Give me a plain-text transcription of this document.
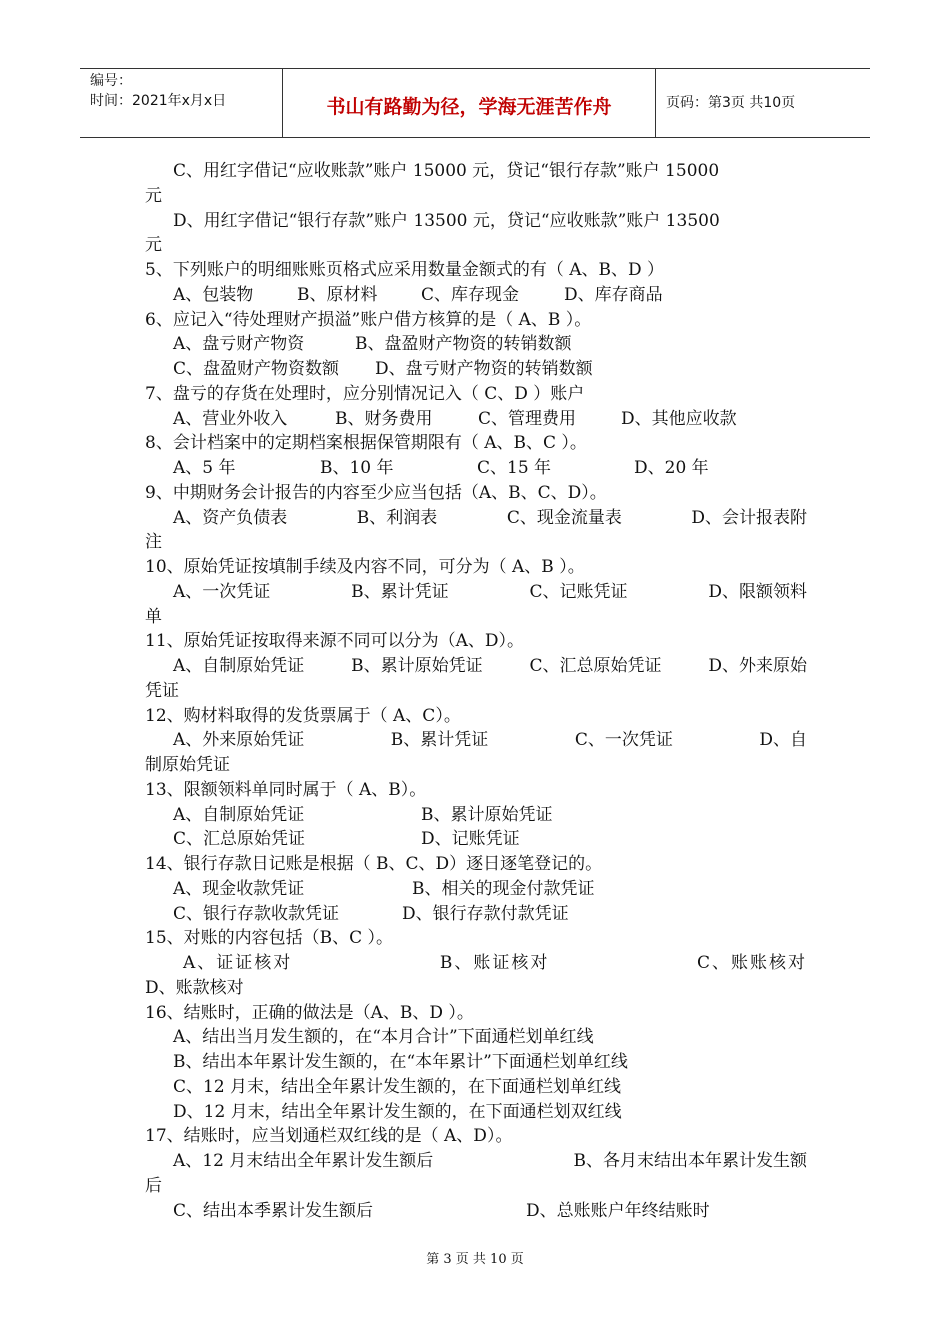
编号：
时间：2021年x月x日	书山有路勤为径，学海无涯苦作舟	页码：第3页 共10页
C、用红字借记“应收账款”账户 15000 元，贷记“银行存款”账户 15000
元
D、用红字借记“银行存款”账户 13500 元，贷记“应收账款”账户 13500
元
5、下列账户的明细账账页格式应采用数量金额式的有（ A、B、D ）
A、包装物	B、原材料	C、库存现金	D、库存商品
6、应记入“待处理财产损溢”账户借方核算的是（ A、B ）。
A、盘亏财产物资	B、盘盈财产物资的转销数额
C、盘盈财产物资数额	D、盘亏财产物资的转销数额
7、盘亏的存货在处理时，应分别情况记入（ C、D ）账户
A、营业外收入	B、财务费用	C、管理费用	D、其他应收款
8、会计档案中的定期档案根据保管期限有（ A、B、C ）。
A、5 年	B、10 年	C、15 年	D、20 年
9、中期财务会计报告的内容至少应当包括（A、B、C、D）。
A、资产负债表	B、利润表	C、现金流量表	D、会计报表附
注
10、原始凭证按填制手续及内容不同，可分为（ A、B ）。
A、一次凭证	B、累计凭证	C、记账凭证	D、限额领料
单
11、原始凭证按取得来源不同可以分为（A、D）。
A、自制原始凭证	B、累计原始凭证	C、汇总原始凭证	D、外来原始
凭证
12、购材料取得的发货票属于（ A、C）。
A、外来原始凭证	B、累计凭证	C、一次凭证	D、自
制原始凭证
13、限额领料单同时属于（ A、B）。
A、自制原始凭证	B、累计原始凭证
C、汇总原始凭证	D、记账凭证
14、银行存款日记账是根据（ B、C、D）逐日逐笔登记的。
A、现金收款凭证	B、相关的现金付款凭证
C、银行存款收款凭证	D、银行存款付款凭证
15、对账的内容包括（B、C ）。
A、证证核对	B、账证核对	C、账账核对
D、账款核对
16、结账时，正确的做法是（A、B、D ）。
A、结出当月发生额的，在“本月合计”下面通栏划单红线
B、结出本年累计发生额的，在“本年累计”下面通栏划单红线
C、12 月末，结出全年累计发生额的，在下面通栏划单红线
D、12 月末，结出全年累计发生额的，在下面通栏划双红线
17、结账时，应当划通栏双红线的是（ A、D）。
A、12 月末结出全年累计发生额后	B、各月末结出本年累计发生额
后
C、结出本季累计发生额后	D、总账账户年终结账时
第 3 页 共 10 页
